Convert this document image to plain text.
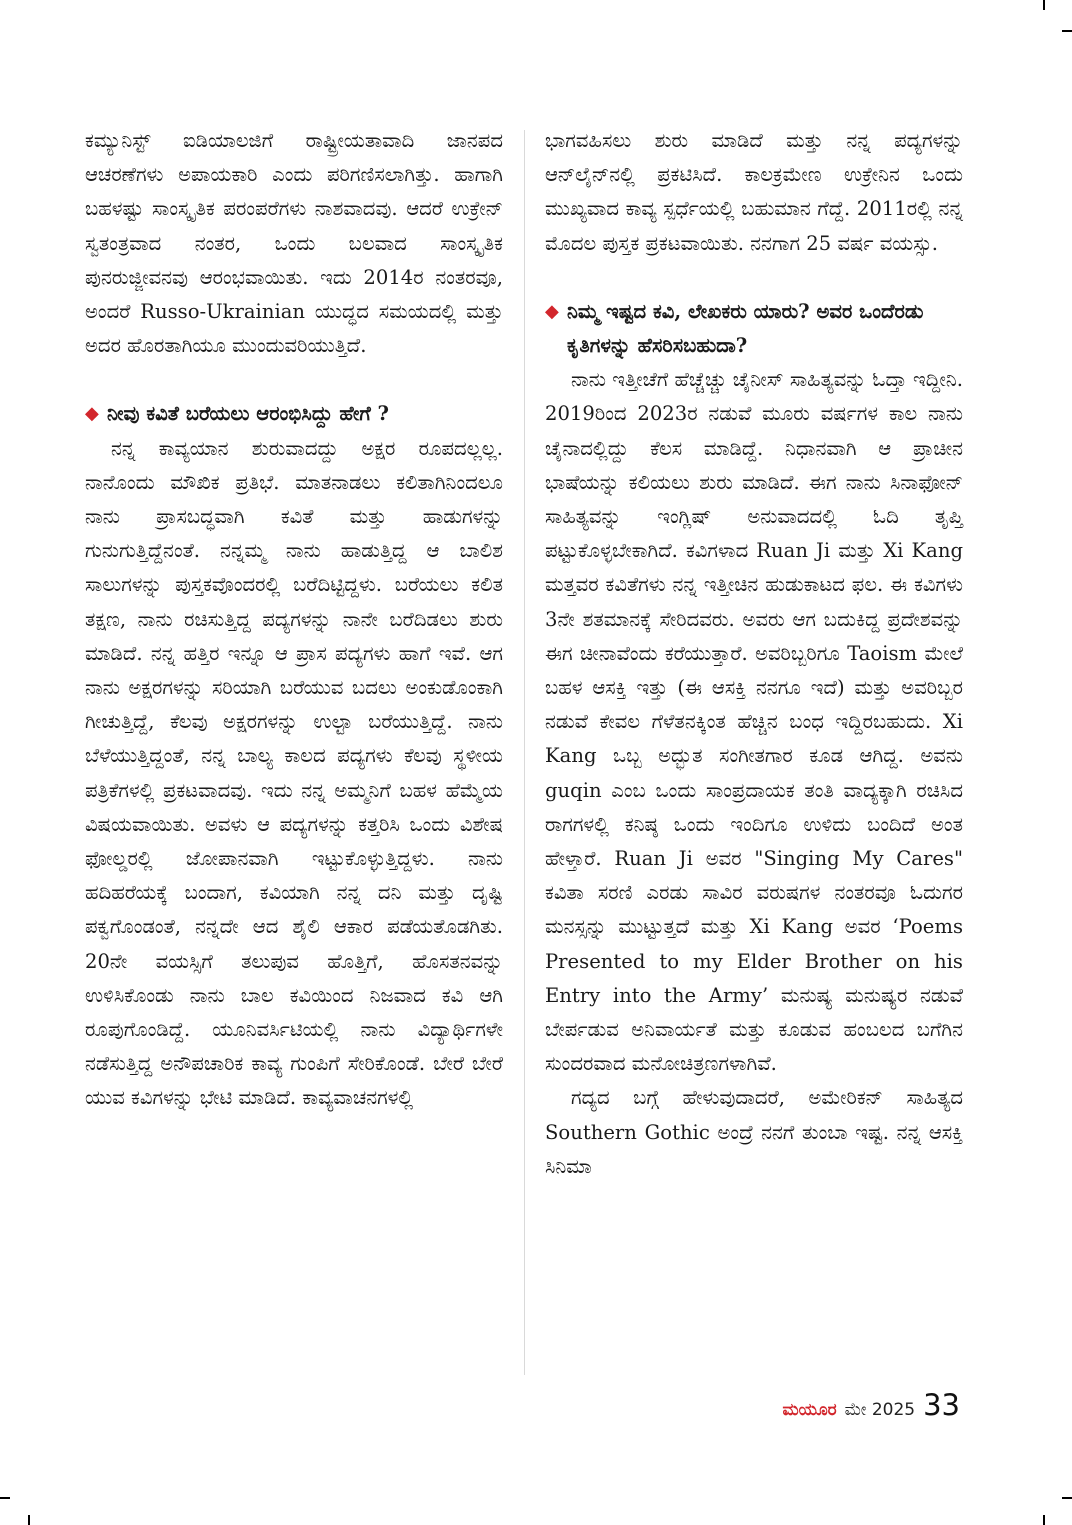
ಕಮ್ಯುನಿಸ್ಟ್ ಐಡಿಯಾಲಜಿಗೆ ರಾಷ್ಟ್ರೀಯತಾವಾದಿ ಜಾನಪದ ಆಚರಣೆಗಳು ಅಪಾಯಕಾರಿ ಎಂದು ಪರಿಗಣಿಸಲಾಗಿತ್ತು. ಹಾಗಾಗಿ ಬಹಳಷ್ಟು ಸಾಂಸ್ಕೃತಿಕ ಪರಂಪರೆಗಳು ನಾಶವಾದವು. ಆದರೆ ಉಕ್ರೇನ್ ಸ್ವತಂತ್ರವಾದ ನಂತರ, ಒಂದು ಬಲವಾದ ಸಾಂಸ್ಕೃತಿಕ ಪುನರುಜ್ಜೀವನವು ಆರಂಭವಾಯಿತು. ಇದು 2014ರ ನಂತರವೂ, ಅಂದರೆ Russo-Ukrainian ಯುದ್ಧದ ಸಮಯದಲ್ಲಿ ಮತ್ತು ಅದರ ಹೊರತಾಗಿಯೂ ಮುಂದುವರಿಯುತ್ತಿದೆ.

◆ ನೀವು ಕವಿತೆ ಬರೆಯಲು ಆರಂಭಿಸಿದ್ದು ಹೇಗೆ ?

ನನ್ನ ಕಾವ್ಯಯಾನ ಶುರುವಾದದ್ದು ಅಕ್ಷರ ರೂಪದಲ್ಲಲ್ಲ. ನಾನೊಂದು ಮೌಖಿಕ ಪ್ರತಿಭೆ. ಮಾತನಾಡಲು ಕಲಿತಾಗಿನಿಂದಲೂ ನಾನು ಪ್ರಾಸಬದ್ಧವಾಗಿ ಕವಿತೆ ಮತ್ತು ಹಾಡುಗಳನ್ನು ಗುನುಗುತ್ತಿದ್ದೆನಂತೆ. ನನ್ನಮ್ಮ ನಾನು ಹಾಡುತ್ತಿದ್ದ ಆ ಬಾಲಿಶ ಸಾಲುಗಳನ್ನು ಪುಸ್ತಕವೊಂದರಲ್ಲಿ ಬರೆದಿಟ್ಟಿದ್ದಳು. ಬರೆಯಲು ಕಲಿತ ತಕ್ಷಣ, ನಾನು ರಚಿಸುತ್ತಿದ್ದ ಪದ್ಯಗಳನ್ನು ನಾನೇ ಬರೆದಿಡಲು ಶುರು ಮಾಡಿದೆ. ನನ್ನ ಹತ್ತಿರ ಇನ್ನೂ ಆ ಪ್ರಾಸ ಪದ್ಯಗಳು ಹಾಗೆ ಇವೆ. ಆಗ ನಾನು ಅಕ್ಷರಗಳನ್ನು ಸರಿಯಾಗಿ ಬರೆಯುವ ಬದಲು ಅಂಕುಡೊಂಕಾಗಿ ಗೀಚುತ್ತಿದ್ದೆ, ಕೆಲವು ಅಕ್ಷರಗಳನ್ನು ಉಲ್ಟಾ ಬರೆಯುತ್ತಿದ್ದೆ. ನಾನು ಬೆಳೆಯುತ್ತಿದ್ದಂತೆ, ನನ್ನ ಬಾಲ್ಯ ಕಾಲದ ಪದ್ಯಗಳು ಕೆಲವು ಸ್ಥಳೀಯ ಪತ್ರಿಕೆಗಳಲ್ಲಿ ಪ್ರಕಟವಾದವು. ಇದು ನನ್ನ ಅಮ್ಮನಿಗೆ ಬಹಳ ಹೆಮ್ಮೆಯ ವಿಷಯವಾಯಿತು. ಅವಳು ಆ ಪದ್ಯಗಳನ್ನು ಕತ್ತರಿಸಿ ಒಂದು ವಿಶೇಷ ಫೋಲ್ಡರಲ್ಲಿ ಜೋಪಾನವಾಗಿ ಇಟ್ಟುಕೊಳ್ಳುತ್ತಿದ್ದಳು. ನಾನು ಹದಿಹರೆಯಕ್ಕೆ ಬಂದಾಗ, ಕವಿಯಾಗಿ ನನ್ನ ದನಿ ಮತ್ತು ದೃಷ್ಟಿ ಪಕ್ವಗೊಂಡಂತೆ, ನನ್ನದೇ ಆದ ಶೈಲಿ ಆಕಾರ ಪಡೆಯತೊಡಗಿತು. 20ನೇ ವಯಸ್ಸಿಗೆ ತಲುಪುವ ಹೊತ್ತಿಗೆ, ಹೊಸತನವನ್ನು ಉಳಿಸಿಕೊಂಡು ನಾನು ಬಾಲ ಕವಿಯಿಂದ ನಿಜವಾದ ಕವಿ ಆಗಿ ರೂಪುಗೊಂಡಿದ್ದೆ. ಯೂನಿವರ್ಸಿಟಿಯಲ್ಲಿ ನಾನು ವಿದ್ಯಾರ್ಥಿಗಳೇ ನಡೆಸುತ್ತಿದ್ದ ಅನೌಪಚಾರಿಕ ಕಾವ್ಯ ಗುಂಪಿಗೆ ಸೇರಿಕೊಂಡೆ. ಬೇರೆ ಬೇರೆ ಯುವ ಕವಿಗಳನ್ನು ಭೇಟಿ ಮಾಡಿದೆ. ಕಾವ್ಯವಾಚನಗಳಲ್ಲಿ

ಭಾಗವಹಿಸಲು ಶುರು ಮಾಡಿದೆ ಮತ್ತು ನನ್ನ ಪದ್ಯಗಳನ್ನು ಆನ್‌ಲೈನ್‌ನಲ್ಲಿ ಪ್ರಕಟಿಸಿದೆ. ಕಾಲಕ್ರಮೇಣ ಉಕ್ರೇನಿನ ಒಂದು ಮುಖ್ಯವಾದ ಕಾವ್ಯ ಸ್ಪರ್ಧೆಯಲ್ಲಿ ಬಹುಮಾನ ಗೆದ್ದೆ. 2011ರಲ್ಲಿ ನನ್ನ ಮೊದಲ ಪುಸ್ತಕ ಪ್ರಕಟವಾಯಿತು. ನನಗಾಗ 25 ವರ್ಷ ವಯಸ್ಸು.

◆ ನಿಮ್ಮ ಇಷ್ಟದ ಕವಿ, ಲೇಖಕರು ಯಾರು? ಅವರ ಒಂದೆರಡು ಕೃತಿಗಳನ್ನು ಹೆಸರಿಸಬಹುದಾ?

ನಾನು ಇತ್ತೀಚೆಗೆ ಹೆಚ್ಚೆಚ್ಚು ಚೈನೀಸ್ ಸಾಹಿತ್ಯವನ್ನು ಓದ್ತಾ ಇದ್ದೀನಿ. 2019ರಿಂದ 2023ರ ನಡುವೆ ಮೂರು ವರ್ಷಗಳ ಕಾಲ ನಾನು ಚೈನಾದಲ್ಲಿದ್ದು ಕೆಲಸ ಮಾಡಿದ್ದೆ. ನಿಧಾನವಾಗಿ ಆ ಪ್ರಾಚೀನ ಭಾಷೆಯನ್ನು ಕಲಿಯಲು ಶುರು ಮಾಡಿದೆ. ಈಗ ನಾನು ಸಿನಾಫೋನ್ ಸಾಹಿತ್ಯವನ್ನು ಇಂಗ್ಲಿಷ್ ಅನುವಾದದಲ್ಲಿ ಓದಿ ತೃಪ್ತಿ ಪಟ್ಟುಕೊಳ್ಳಬೇಕಾಗಿದೆ. ಕವಿಗಳಾದ Ruan Ji ಮತ್ತು Xi Kang ಮತ್ತವರ ಕವಿತೆಗಳು ನನ್ನ ಇತ್ತೀಚಿನ ಹುಡುಕಾಟದ ಫಲ. ಈ ಕವಿಗಳು 3ನೇ ಶತಮಾನಕ್ಕೆ ಸೇರಿದವರು. ಅವರು ಆಗ ಬದುಕಿದ್ದ ಪ್ರದೇಶವನ್ನು ಈಗ ಚೀನಾವೆಂದು ಕರೆಯುತ್ತಾರೆ. ಅವರಿಬ್ಬರಿಗೂ Taoism ಮೇಲೆ ಬಹಳ ಆಸಕ್ತಿ ಇತ್ತು (ಈ ಆಸಕ್ತಿ ನನಗೂ ಇದೆ) ಮತ್ತು ಅವರಿಬ್ಬರ ನಡುವೆ ಕೇವಲ ಗೆಳೆತನಕ್ಕಿಂತ ಹೆಚ್ಚಿನ ಬಂಧ ಇದ್ದಿರಬಹುದು. Xi Kang ಒಬ್ಬ ಅದ್ಭುತ ಸಂಗೀತಗಾರ ಕೂಡ ಆಗಿದ್ದ. ಅವನು guqin ಎಂಬ ಒಂದು ಸಾಂಪ್ರದಾಯಕ ತಂತಿ ವಾದ್ಯಕ್ಕಾಗಿ ರಚಿಸಿದ ರಾಗಗಳಲ್ಲಿ ಕನಿಷ್ಠ ಒಂದು ಇಂದಿಗೂ ಉಳಿದು ಬಂದಿದೆ ಅಂತ ಹೇಳ್ತಾರೆ. Ruan Ji ಅವರ "Singing My Cares" ಕವಿತಾ ಸರಣಿ ಎರಡು ಸಾವಿರ ವರುಷಗಳ ನಂತರವೂ ಓದುಗರ ಮನಸ್ಸನ್ನು ಮುಟ್ಟುತ್ತದೆ ಮತ್ತು Xi Kang ಅವರ ‘Poems Presented to my Elder Brother on his Entry into the Army’ ಮನುಷ್ಯ ಮನುಷ್ಯರ ನಡುವೆ ಬೇರ್ಪಡುವ ಅನಿವಾರ್ಯತೆ ಮತ್ತು ಕೂಡುವ ಹಂಬಲದ ಬಗೆಗಿನ ಸುಂದರವಾದ ಮನೋಚಿತ್ರಣಗಳಾಗಿವೆ.

ಗದ್ಯದ ಬಗ್ಗೆ ಹೇಳುವುದಾದರೆ, ಅಮೇರಿಕನ್ ಸಾಹಿತ್ಯದ Southern Gothic ಅಂದ್ರೆ ನನಗೆ ತುಂಬಾ ಇಷ್ಟ. ನನ್ನ ಆಸಕ್ತಿ ಸಿನಿಮಾ

ಮಯೂರ ಮೇ 2025 33
